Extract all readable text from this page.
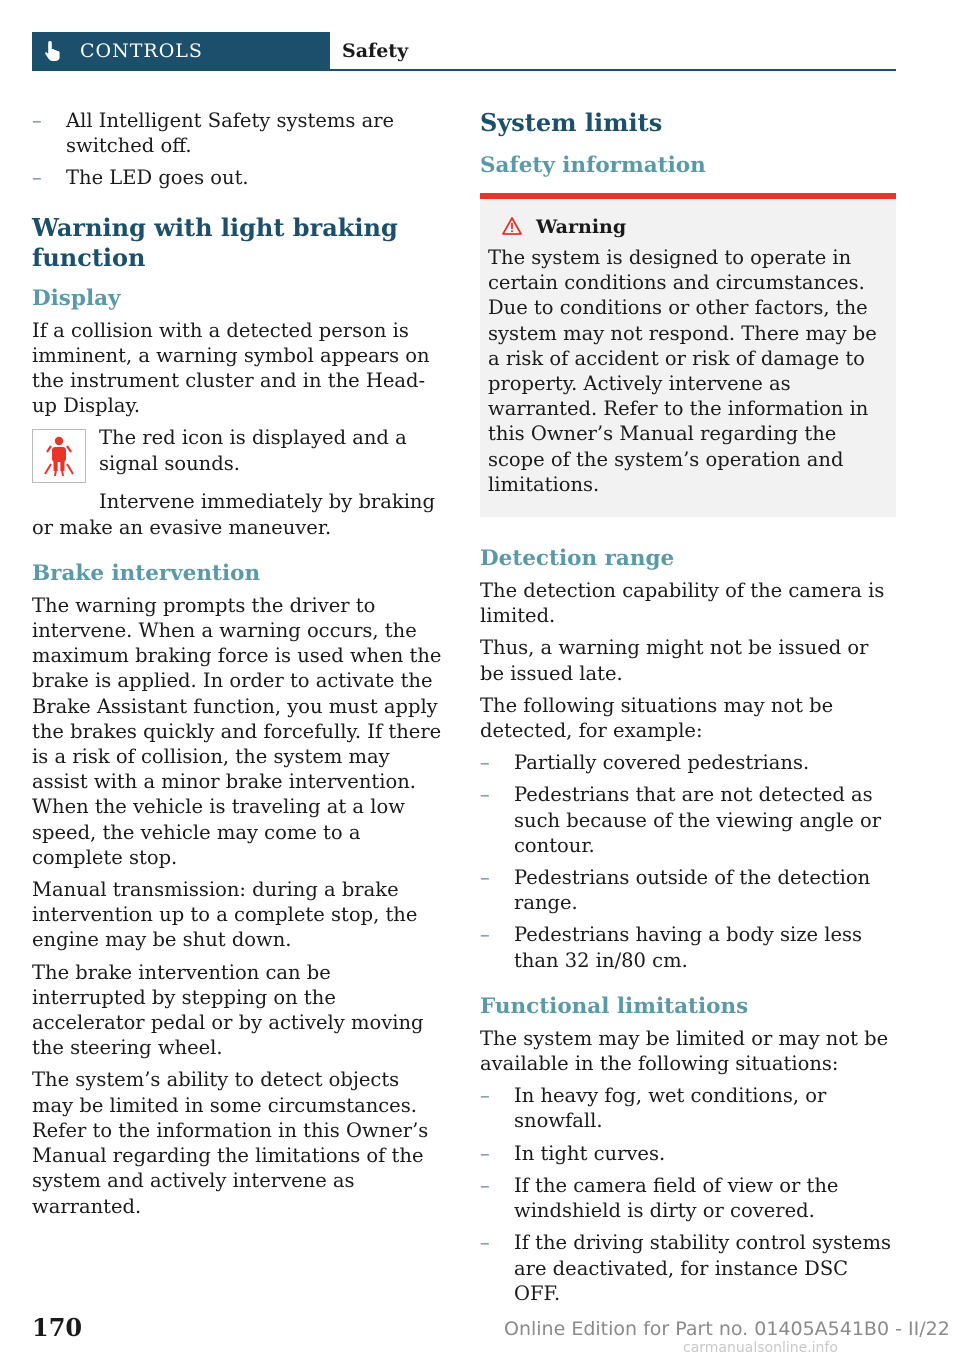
CONTROLS	Safety
– All Intelligent Safety systems are switched off.
– The LED goes out.
Warning with light braking function
Display

If a collision with a detected person is imminent, a warning symbol appears on the instrument cluster and in the Head-up Display.

The red icon is displayed and a signal sounds.

Intervene immediately by braking or make an evasive maneuver.

Brake intervention

The warning prompts the driver to intervene. When a warning occurs, the maximum braking force is used when the brake is applied. In order to activate the Brake Assistant function, you must apply the brakes quickly and forcefully. If there is a risk of collision, the system may assist with a minor brake intervention. When the vehicle is traveling at a low speed, the vehicle may come to a complete stop.

Manual transmission: during a brake intervention up to a complete stop, the engine may be shut down.

The brake intervention can be interrupted by stepping on the accelerator pedal or by actively moving the steering wheel.

The system’s ability to detect objects may be limited in some circumstances. Refer to the information in this Owner’s Manual regarding the limitations of the system and actively intervene as warranted.

System limits
Safety information
Warning

The system is designed to operate in certain conditions and circumstances. Due to conditions or other factors, the system may not respond. There may be a risk of accident or risk of damage to property. Actively intervene as warranted. Refer to the information in this Owner’s Manual regarding the scope of the system’s operation and limitations.

Detection range

The detection capability of the camera is limited.

Thus, a warning might not be issued or be issued late.

The following situations may not be detected, for example:

– Partially covered pedestrians.
– Pedestrians that are not detected as such because of the viewing angle or contour.
– Pedestrians outside of the detection range.
– Pedestrians having a body size less than 32 in/80 cm.
Functional limitations

The system may be limited or may not be available in the following situations:

– In heavy fog, wet conditions, or snowfall.
– In tight curves.
– If the camera field of view or the windshield is dirty or covered.
– If the driving stability control systems are deactivated, for instance DSC OFF.
170	Online Edition for Part no. 01405A541B0 - II/22
carmanualsonline.info
